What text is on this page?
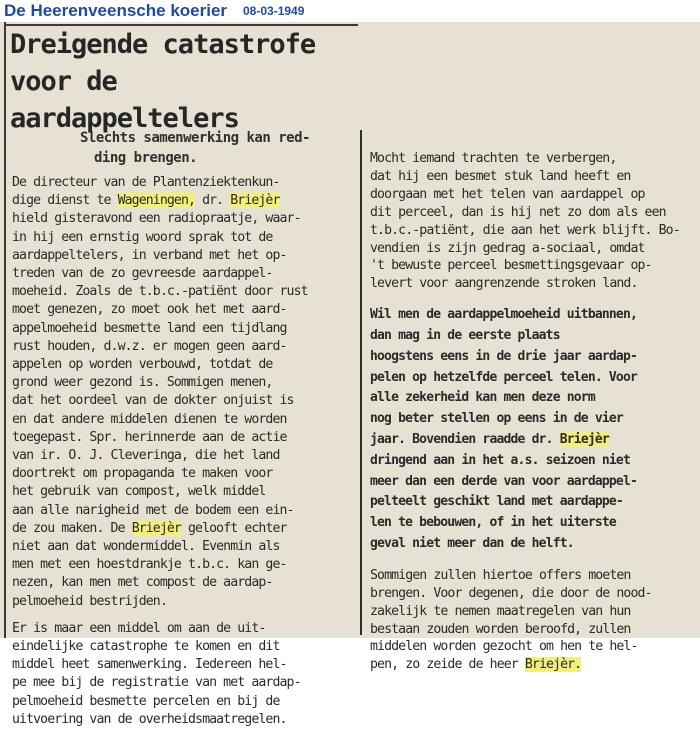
De Heerenveensche koerier 08-03-1949
Dreigende catastrofe
voor de aardappeltelers
Slechts samenwerking kan red-
ding brengen.

De directeur van de Plantenziektenkun-
dige dienst te Wageningen, dr. Briejèr
hield gisteravond een radiopraatje, waar-
in hij een ernstig woord sprak tot de
aardappeltelers, in verband met het op-
treden van de zo gevreesde aardappel-
moeheid. Zoals de t.b.c.-patiënt door rust
moet genezen, zo moet ook het met aard-
appelmoeheid besmette land een tijdlang
rust houden, d.w.z. er mogen geen aard-
appelen op worden verbouwd, totdat de
grond weer gezond is. Sommigen menen,
dat het oordeel van de dokter onjuist is
en dat andere middelen dienen te worden
toegepast. Spr. herinnerde aan de actie
van ir. O. J. Cleveringa, die het land
doortrekt om propaganda te maken voor
het gebruik van compost, welk middel
aan alle narigheid met de bodem een ein-
de zou maken. De Briejèr gelooft echter
niet aan dat wondermiddel. Evenmin als
men met een hoestdrankje t.b.c. kan ge-
nezen, kan men met compost de aardap-
pelmoeheid bestrijden.

Er is maar een middel om aan de uit-
eindelijke catastrophe te komen en dit
middel heet samenwerking. Iedereen hel-
pe mee bij de registratie van met aardap-
pelmoeheid besmette percelen en bij de
uitvoering van de overheidsmaatregelen.

Mocht iemand trachten te verbergen,
dat hij een besmet stuk land heeft en
doorgaan met het telen van aardappel op
dit perceel, dan is hij net zo dom als een
t.b.c.-patiënt, die aan het werk blijft. Bo-
vendien is zijn gedrag a-sociaal, omdat
't bewuste perceel besmettingsgevaar op-
levert voor aangrenzende stroken land.

Wil men de aardappelmoeheid uitbannen,
dan mag in de eerste plaats
hoogstens eens in de drie jaar aardap-
pelen op hetzelfde perceel telen. Voor
alle zekerheid kan men deze norm
nog beter stellen op eens in de vier
jaar. Bovendien raadde dr. Briejèr
dringend aan in het a.s. seizoen niet
meer dan een derde van voor aardappel-
pelteelt geschikt land met aardappe-
len te bebouwen, of in het uiterste
geval niet meer dan de helft.

Sommigen zullen hiertoe offers moeten
brengen. Voor degenen, die door de nood-
zakelijk te nemen maatregelen van hun
bestaan zouden worden beroofd, zullen
middelen worden gezocht om hen te hel-
pen, zo zeide de heer Briejèr.
